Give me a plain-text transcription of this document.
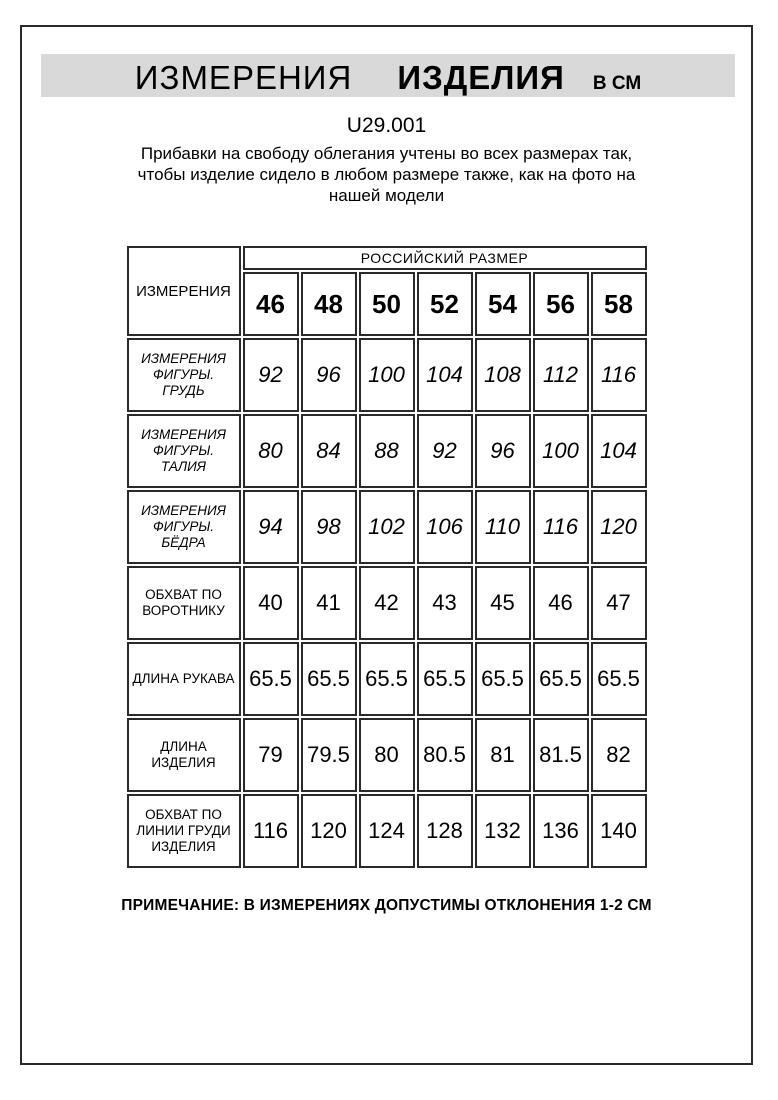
ИЗМЕРЕНИЯ ИЗДЕЛИЯ В СМ
U29.001

Прибавки на свободу облегания учтены во всех размерах так, чтобы изделие сидело в любом размере также, как на фото на нашей модели

ИЗМЕРЕНИЯ	РОССИЙСКИЙ РАЗМЕР						
	46	48	50	52	54	56	58
ИЗМЕРЕНИЯ ФИГУРЫ. ГРУДЬ	92	96	100	104	108	112	116
ИЗМЕРЕНИЯ ФИГУРЫ. ТАЛИЯ	80	84	88	92	96	100	104
ИЗМЕРЕНИЯ ФИГУРЫ. БЁДРА	94	98	102	106	110	116	120
ОБХВАТ ПО ВОРОТНИКУ	40	41	42	43	45	46	47
ДЛИНА РУКАВА	65.5	65.5	65.5	65.5	65.5	65.5	65.5
ДЛИНА ИЗДЕЛИЯ	79	79.5	80	80.5	81	81.5	82
ОБХВАТ ПО ЛИНИИ ГРУДИ ИЗДЕЛИЯ	116	120	124	128	132	136	140
ПРИМЕЧАНИЕ: В ИЗМЕРЕНИЯХ ДОПУСТИМЫ ОТКЛОНЕНИЯ 1-2 СМ
